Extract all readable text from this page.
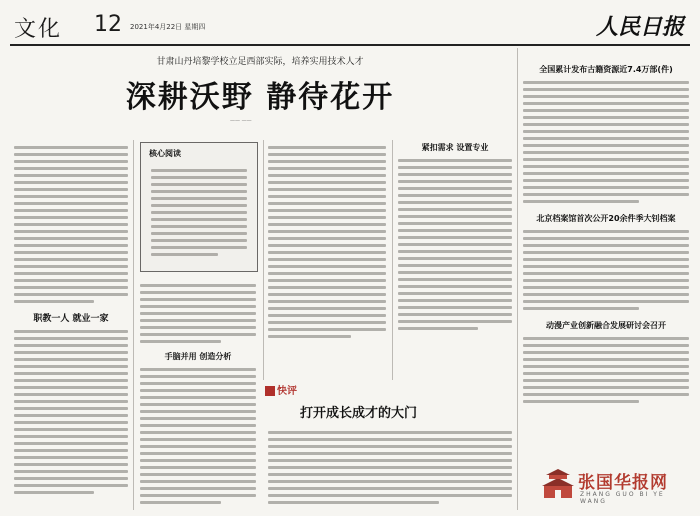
文化 12 2021年4月22日 星期四	人民日报
甘肃山丹培黎学校立足西部实际，培养实用技术人才
深耕沃野 静待花开
—— ——
职教一人 就业一家
核心阅读
手脑并用 创造分析
紧扣需求 设置专业
快评
打开成长成才的大门
全国累计发布古籍资源近7.4万部(件)
北京档案馆首次公开20余件季大钊档案
动漫产业创新融合发展研讨会召开
张国华报网
ZHANG GUO BI YE WANG
